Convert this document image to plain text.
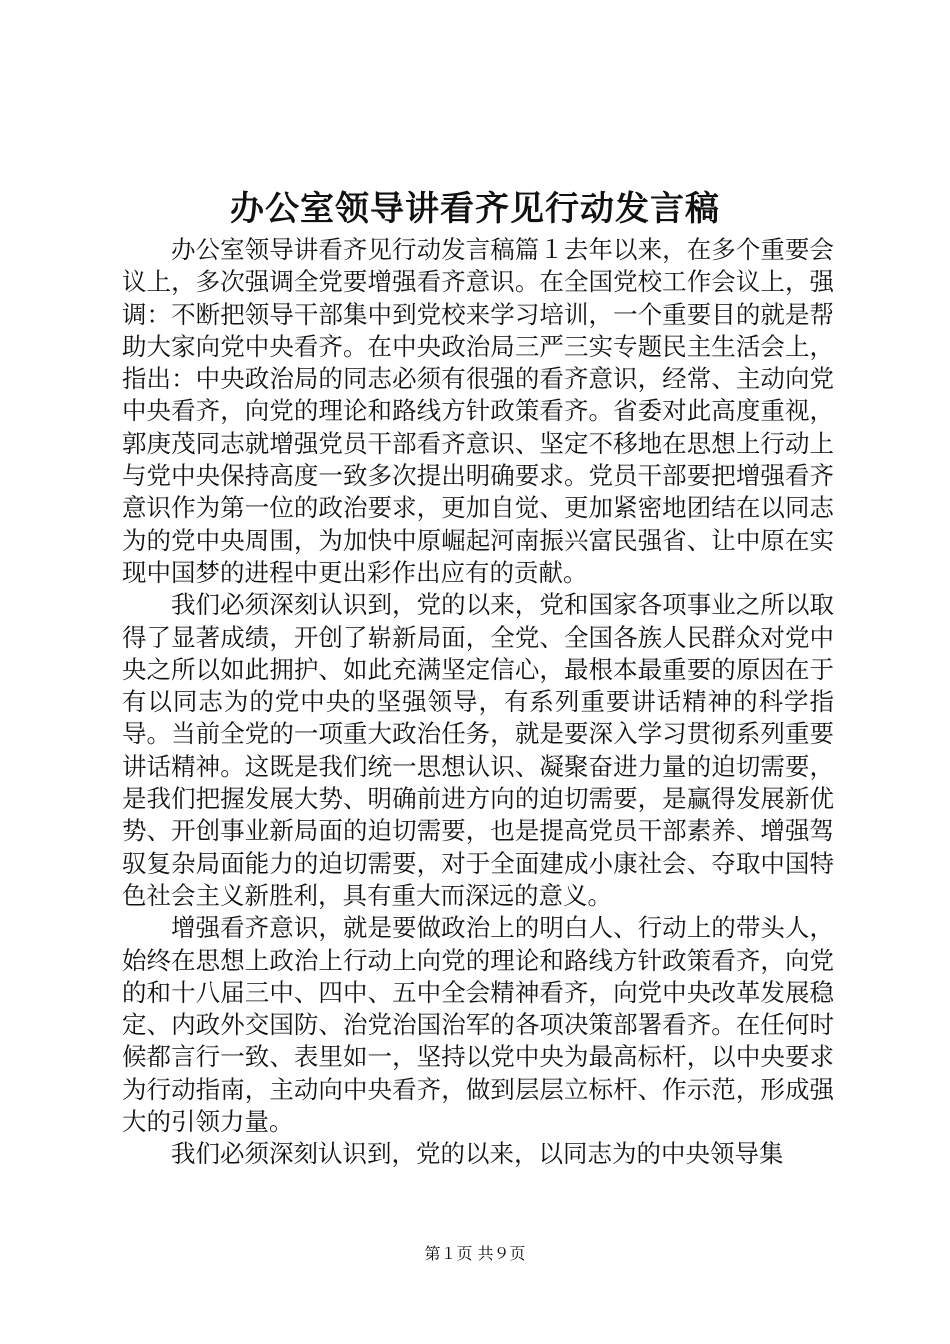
办公室领导讲看齐见行动发言稿

办公室领导讲看齐见行动发言稿篇１去年以来，在多个重要会议上，多次强调全党要增强看齐意识。在全国党校工作会议上，强调：不断把领导干部集中到党校来学习培训，一个重要目的就是帮助大家向党中央看齐。在中央政治局三严三实专题民主生活会上，指出：中央政治局的同志必须有很强的看齐意识，经常、主动向党中央看齐，向党的理论和路线方针政策看齐。省委对此高度重视，郭庚茂同志就增强党员干部看齐意识、坚定不移地在思想上行动上与党中央保持高度一致多次提出明确要求。党员干部要把增强看齐意识作为第一位的政治要求，更加自觉、更加紧密地团结在以同志为的党中央周围，为加快中原崛起河南振兴富民强省、让中原在实现中国梦的进程中更出彩作出应有的贡献。

我们必须深刻认识到，党的以来，党和国家各项事业之所以取得了显著成绩，开创了崭新局面，全党、全国各族人民群众对党中央之所以如此拥护、如此充满坚定信心，最根本最重要的原因在于有以同志为的党中央的坚强领导，有系列重要讲话精神的科学指导。当前全党的一项重大政治任务，就是要深入学习贯彻系列重要讲话精神。这既是我们统一思想认识、凝聚奋进力量的迫切需要，是我们把握发展大势、明确前进方向的迫切需要，是赢得发展新优势、开创事业新局面的迫切需要，也是提高党员干部素养、增强驾驭复杂局面能力的迫切需要，对于全面建成小康社会、夺取中国特色社会主义新胜利，具有重大而深远的意义。

增强看齐意识，就是要做政治上的明白人、行动上的带头人，始终在思想上政治上行动上向党的理论和路线方针政策看齐，向党的和十八届三中、四中、五中全会精神看齐，向党中央改革发展稳定、内政外交国防、治党治国治军的各项决策部署看齐。在任何时候都言行一致、表里如一，坚持以党中央为最高标杆，以中央要求为行动指南，主动向中央看齐，做到层层立标杆、作示范，形成强大的引领力量。

我们必须深刻认识到，党的以来，以同志为的中央领导集

第１页 共９页
